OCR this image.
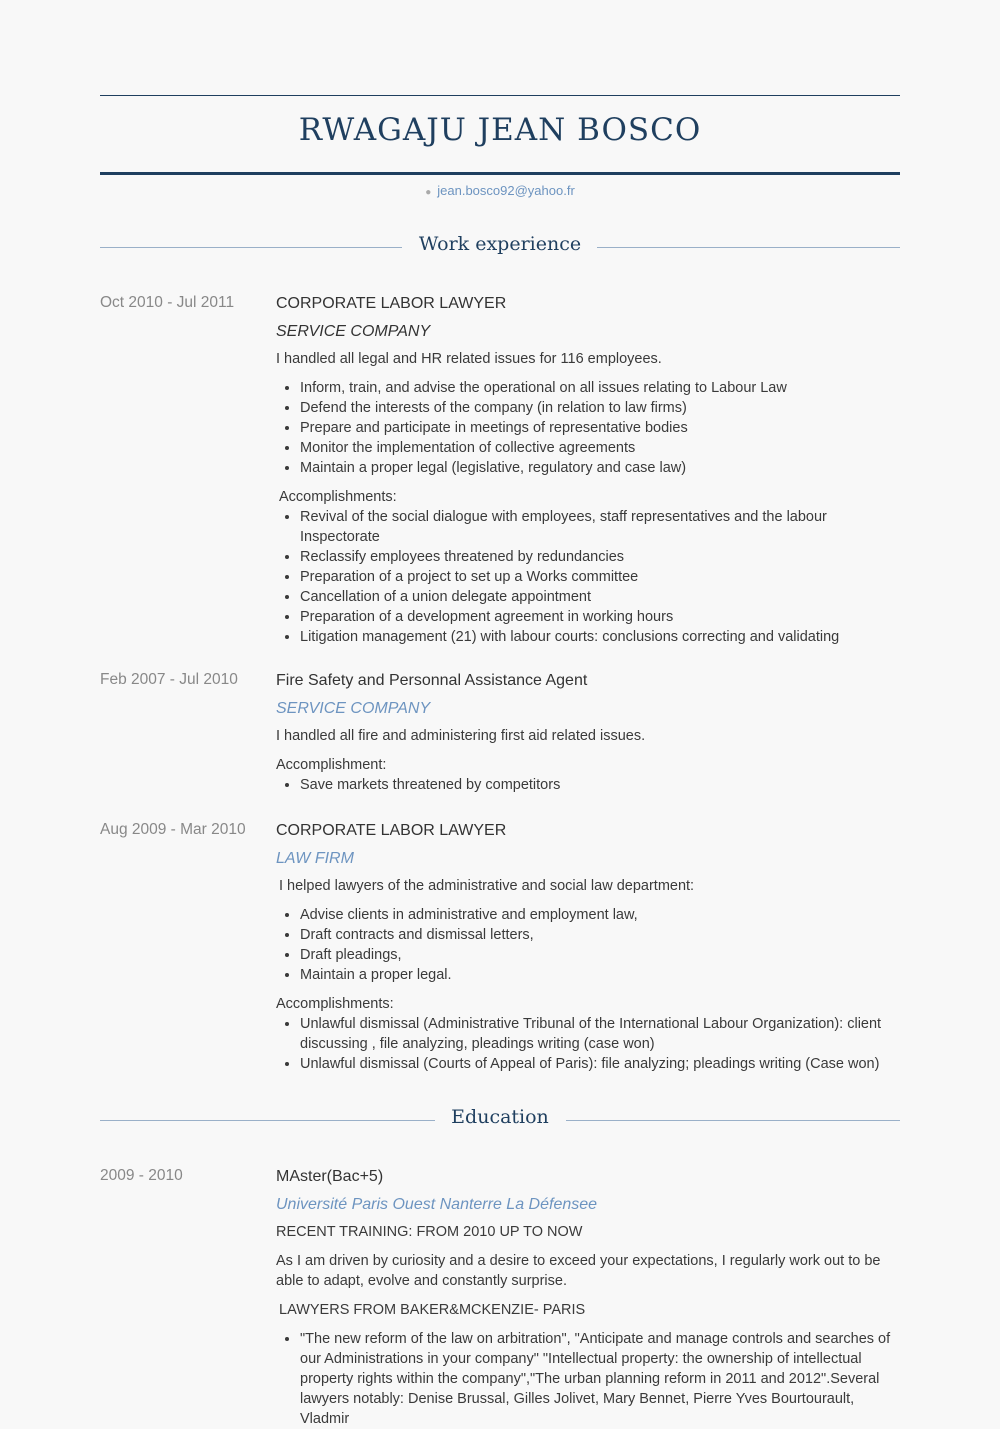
RWAGAJU JEAN BOSCO
● jean.bosco92@yahoo.fr
Work experience
Oct 2010 - Jul 2011	CORPORATE LABOR LAWYER
SERVICE COMPANY
I handled all legal and HR related issues for 116 employees.
• Inform, train, and advise the operational on all issues relating to Labour Law
• Defend the interests of the company (in relation to law firms)
• Prepare and participate in meetings of representative bodies
• Monitor the implementation of collective agreements
• Maintain a proper legal (legislative, regulatory and case law)
Accomplishments:
• Revival of the social dialogue with employees, staff representatives and the labour Inspectorate
• Reclassify employees threatened by redundancies
• Preparation of a project to set up a Works committee
• Cancellation of a union delegate appointment
• Preparation of a development agreement in working hours
• Litigation management (21) with labour courts: conclusions correcting and validating
Feb 2007 - Jul 2010 Fire Safety and Personnal Assistance Agent
SERVICE COMPANY
I handled all fire and administering first aid related issues.
Accomplishment:
• Save markets threatened by competitors
Aug 2009 - Mar 2010 CORPORATE LABOR LAWYER
LAW FIRM
I helped lawyers of the administrative and social law department:
• Advise clients in administrative and employment law,
• Draft contracts and dismissal letters,
• Draft pleadings,
• Maintain a proper legal.
Accomplishments:
• Unlawful dismissal (Administrative Tribunal of the International Labour Organization): client discussing , file analyzing, pleadings writing (case won)
• Unlawful dismissal (Courts of Appeal of Paris): file analyzing; pleadings writing (Case won)
Education
2009 - 2010	MAster(Bac+5)
Université Paris Ouest Nanterre La Défensee
RECENT TRAINING: FROM 2010 UP TO NOW
As I am driven by curiosity and a desire to exceed your expectations, I regularly work out to be able to adapt, evolve and constantly surprise.
LAWYERS FROM BAKER&MCKENZIE- PARIS
• "The new reform of the law on arbitration", "Anticipate and manage controls and searches of our Administrations in your company" "Intellectual property: the ownership of intellectual property rights within the company","The urban planning reform in 2011 and 2012".Several lawyers notably: Denise Brussal, Gilles Jolivet, Mary Bennet, Pierre Yves Bourtourault, Vladmir
